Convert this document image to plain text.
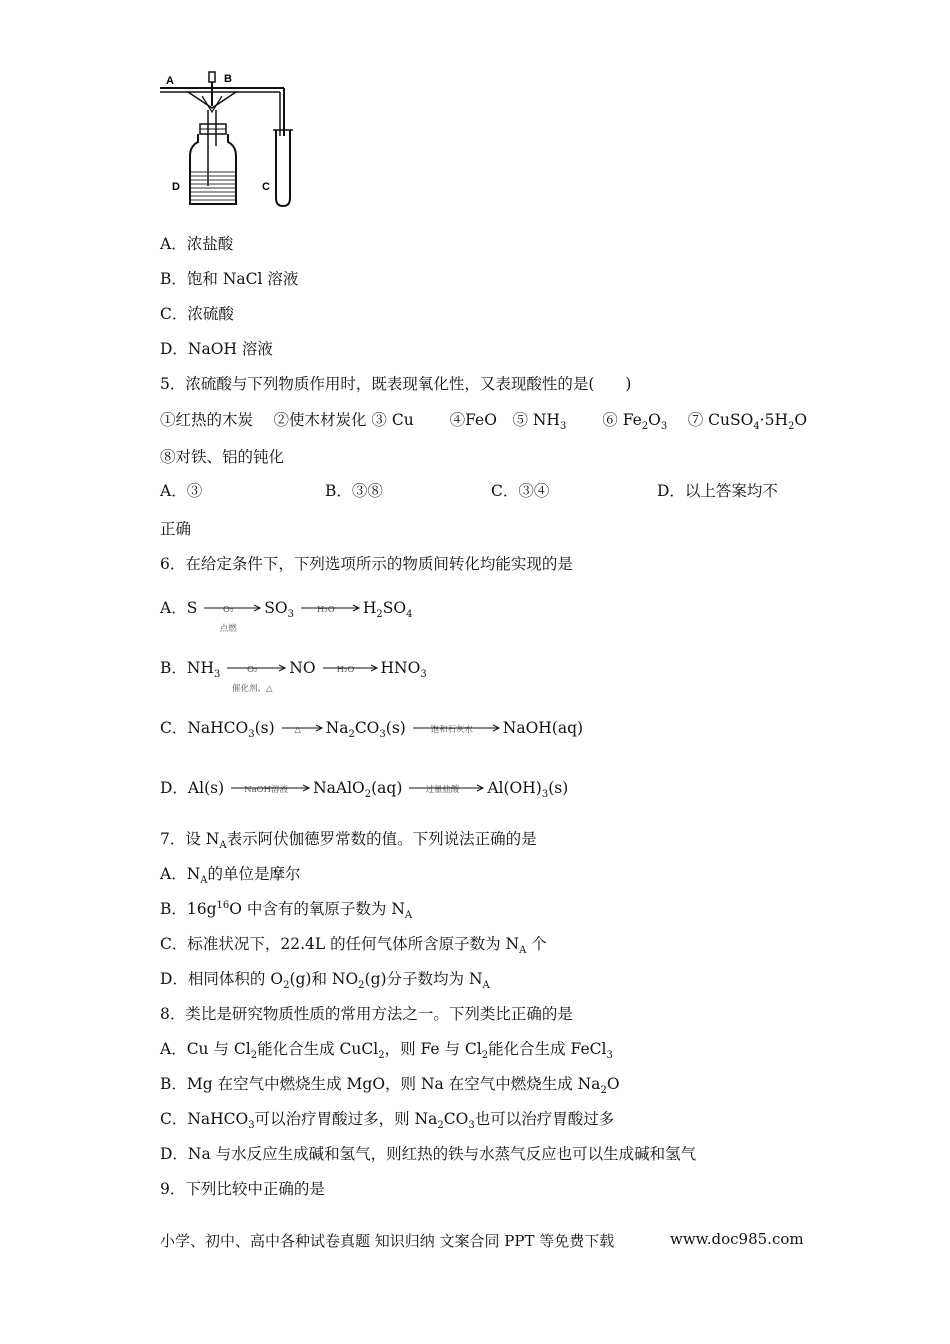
A	B
C
D
A．浓盐酸
B．饱和 NaCl 溶液
C．浓硫酸
D．NaOH 溶液
5．浓硫酸与下列物质作用时，既表现氧化性，又表现酸性的是(　　)
①红热的木炭　 ②使木材炭化 ③ Cu　 　 ④FeO　 ⑤ $NH_3$　 　 ⑥ $Fe_2O_3$　 ⑦ $CuSO_4\cdot 5H_2O$
⑧对铁、铝的钝化
A．③	B．③⑧	C．③④	D．以上答案均不
正确
6．在给定条件下，下列选项所示的物质间转化均能实现的是
A．S	O₂
点燃
$SO_3$	H₂O	$H_2SO_4$
B．$NH_3$	O₂
催化剂、△
NO	H₂O	$HNO_3$
C．NaHCO$_3$(s)	△	$Na_2CO_3(s)$	饱和石灰水	NaOH(aq)
D．Al(s)	NaOH溶液	NaAlO$_2$(aq)	过量盐酸	$Al(OH)_3(s)$
7．设 $N_A$表示阿伏伽德罗常数的值。下列说法正确的是
A．$N_A$的单位是摩尔
B．$16g^{16}O$ 中含有的氧原子数为 $N_A$
C．标准状况下，22.4L 的任何气体所含原子数为 $N_A$ 个
D．相同体积的 $O_2(g)$和 $NO_2(g)$分子数均为 $N_A$
8．类比是研究物质性质的常用方法之一。下列类比正确的是
A．Cu 与 $Cl_2$能化合生成 CuCl$_2$，则 Fe 与 $Cl_2$能化合生成 FeCl$_3$
B．Mg 在空气中燃烧生成 MgO，则 Na 在空气中燃烧生成 $Na_2O$
C．NaHCO$_3$可以治疗胃酸过多，则 $Na_2CO_3$也可以治疗胃酸过多
D．Na 与水反应生成碱和氢气，则红热的铁与水蒸气反应也可以生成碱和氢气
9．下列比较中正确的是
小学、初中、高中各种试卷真题 知识归纳 文案合同 PPT 等免费下载	www.doc985.com
